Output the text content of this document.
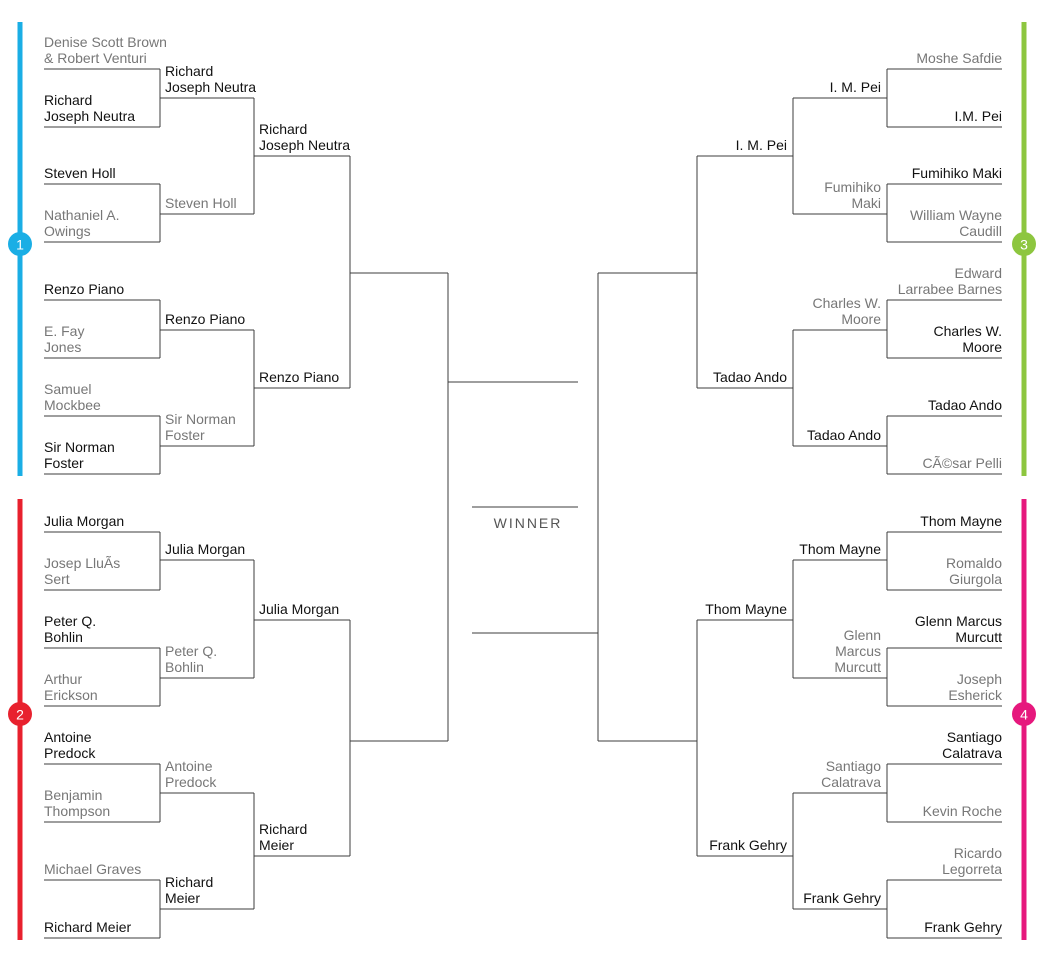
1
2
3
4
Denise Scott Brown & Robert Venturi
Richard Joseph Neutra
Steven Holl
Nathaniel A. Owings
Renzo Piano
E. Fay Jones
Samuel Mockbee
Sir Norman Foster
Julia Morgan
Josep LluÃs Sert
Peter Q. Bohlin
Arthur Erickson
Antoine Predock
Benjamin Thompson
Michael Graves
Richard Meier
Richard Joseph Neutra
Steven Holl
Renzo Piano
Sir Norman Foster
Julia Morgan
Peter Q. Bohlin
Antoine Predock
Richard Meier
Richard Joseph Neutra
Renzo Piano
Julia Morgan
Richard Meier
Moshe Safdie
I.M. Pei
Fumihiko Maki
William Wayne Caudill
Edward Larrabee Barnes
Charles W. Moore
Tadao Ando
CÃ©sar Pelli
Thom Mayne
Romaldo Giurgola
Glenn Marcus Murcutt
Joseph Esherick
Santiago Calatrava
Kevin Roche
Ricardo Legorreta
Frank Gehry
I. M. Pei
Fumihiko Maki
Charles W. Moore
Tadao Ando
Thom Mayne
Glenn Marcus Murcutt
Santiago Calatrava
Frank Gehry
I. M. Pei
Tadao Ando
Thom Mayne
Frank Gehry
WINNER
